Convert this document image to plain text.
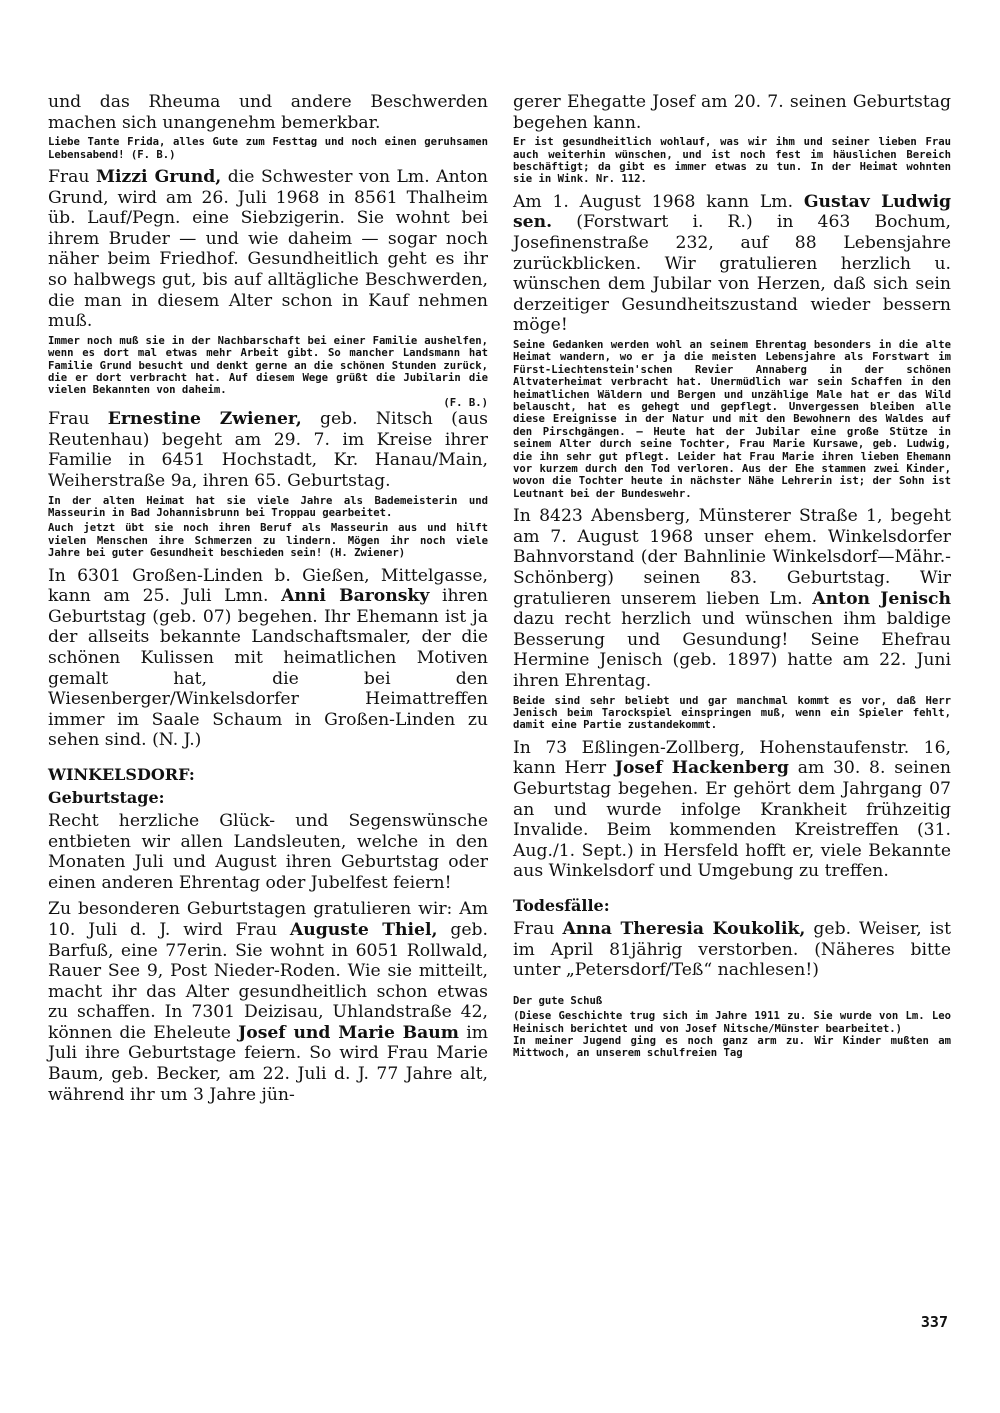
und das Rheuma und andere Beschwerden machen sich unangenehm bemerkbar.

Liebe Tante Frida, alles Gute zum Festtag und noch einen geruhsamen Lebensabend! (F. B.)

Frau Mizzi Grund, die Schwester von Lm. Anton Grund, wird am 26. Juli 1968 in 8561 Thalheim üb. Lauf/Pegn. eine Siebzigerin. Sie wohnt bei ihrem Bruder — und wie daheim — sogar noch näher beim Friedhof. Gesundheitlich geht es ihr so halbwegs gut, bis auf alltägliche Beschwerden, die man in diesem Alter schon in Kauf nehmen muß.

Immer noch muß sie in der Nachbarschaft bei einer Familie aushelfen, wenn es dort mal etwas mehr Arbeit gibt. So mancher Landsmann hat Familie Grund besucht und denkt gerne an die schönen Stunden zurück, die er dort verbracht hat. Auf diesem Wege grüßt die Jubilarin die vielen Bekannten von daheim.

(F. B.)

Frau Ernestine Zwiener, geb. Nitsch (aus Reutenhau) begeht am 29. 7. im Kreise ihrer Familie in 6451 Hochstadt, Kr. Hanau/Main, Weiherstraße 9a, ihren 65. Geburtstag.

In der alten Heimat hat sie viele Jahre als Bademeisterin und Masseurin in Bad Johannisbrunn bei Troppau gearbeitet.

Auch jetzt übt sie noch ihren Beruf als Masseurin aus und hilft vielen Menschen ihre Schmerzen zu lindern. Mögen ihr noch viele Jahre bei guter Gesundheit beschieden sein! (H. Zwiener)

In 6301 Großen-Linden b. Gießen, Mittelgasse, kann am 25. Juli Lmn. Anni Baronsky ihren Geburtstag (geb. 07) begehen. Ihr Ehemann ist ja der allseits bekannte Landschaftsmaler, der die schönen Kulissen mit heimatlichen Motiven gemalt hat, die bei den Wiesenberger/Winkelsdorfer Heimattreffen immer im Saale Schaum in Großen-Linden zu sehen sind. (N. J.)

WINKELSDORF:
Geburtstage:

Recht herzliche Glück- und Segenswünsche entbieten wir allen Landsleuten, welche in den Monaten Juli und August ihren Geburtstag oder einen anderen Ehrentag oder Jubelfest feiern!

Zu besonderen Geburtstagen gratulieren wir: Am 10. Juli d. J. wird Frau Auguste Thiel, geb. Barfuß, eine 77erin. Sie wohnt in 6051 Rollwald, Rauer See 9, Post Nieder-Roden. Wie sie mitteilt, macht ihr das Alter gesundheitlich schon etwas zu schaffen. In 7301 Deizisau, Uhlandstraße 42, können die Eheleute Josef und Marie Baum im Juli ihre Geburtstage feiern. So wird Frau Marie Baum, geb. Becker, am 22. Juli d. J. 77 Jahre alt, während ihr um 3 Jahre jün-

gerer Ehegatte Josef am 20. 7. seinen Geburtstag begehen kann.

Er ist gesundheitlich wohlauf, was wir ihm und seiner lieben Frau auch weiterhin wünschen, und ist noch fest im häuslichen Bereich beschäftigt; da gibt es immer etwas zu tun. In der Heimat wohnten sie in Wink. Nr. 112.

Am 1. August 1968 kann Lm. Gustav Ludwig sen. (Forstwart i. R.) in 463 Bochum, Josefinenstraße 232, auf 88 Lebensjahre zurückblicken. Wir gratulieren herzlich u. wünschen dem Jubilar von Herzen, daß sich sein derzeitiger Gesundheitszustand wieder bessern möge!

Seine Gedanken werden wohl an seinem Ehrentag besonders in die alte Heimat wandern, wo er ja die meisten Lebensjahre als Forstwart im Fürst-Liechtenstein'schen Revier Annaberg in der schönen Altvaterheimat verbracht hat. Unermüdlich war sein Schaffen in den heimatlichen Wäldern und Bergen und unzählige Male hat er das Wild belauscht, hat es gehegt und gepflegt. Unvergessen bleiben alle diese Ereignisse in der Natur und mit den Bewohnern des Waldes auf den Pirschgängen. — Heute hat der Jubilar eine große Stütze in seinem Alter durch seine Tochter, Frau Marie Kursawe, geb. Ludwig, die ihn sehr gut pflegt. Leider hat Frau Marie ihren lieben Ehemann vor kurzem durch den Tod verloren. Aus der Ehe stammen zwei Kinder, wovon die Tochter heute in nächster Nähe Lehrerin ist; der Sohn ist Leutnant bei der Bundeswehr.

In 8423 Abensberg, Münsterer Straße 1, begeht am 7. August 1968 unser ehem. Winkelsdorfer Bahnvorstand (der Bahnlinie Winkelsdorf—Mähr.-Schönberg) seinen 83. Geburtstag. Wir gratulieren unserem lieben Lm. Anton Jenisch dazu recht herzlich und wünschen ihm baldige Besserung und Gesundung! Seine Ehefrau Hermine Jenisch (geb. 1897) hatte am 22. Juni ihren Ehrentag.

Beide sind sehr beliebt und gar manchmal kommt es vor, daß Herr Jenisch beim Tarockspiel einspringen muß, wenn ein Spieler fehlt, damit eine Partie zustandekommt.

In 73 Eßlingen-Zollberg, Hohenstaufenstr. 16, kann Herr Josef Hackenberg am 30. 8. seinen Geburtstag begehen. Er gehört dem Jahrgang 07 an und wurde infolge Krankheit frühzeitig Invalide. Beim kommenden Kreistreffen (31. Aug./1. Sept.) in Hersfeld hofft er, viele Bekannte aus Winkelsdorf und Umgebung zu treffen.

Todesfälle:

Frau Anna Theresia Koukolik, geb. Weiser, ist im April 81jährig verstorben. (Näheres bitte unter „Petersdorf/Teß“ nachlesen!)

Der gute Schuß

(Diese Geschichte trug sich im Jahre 1911 zu. Sie wurde von Lm. Leo Heinisch berichtet und von Josef Nitsche/Münster bearbeitet.)

In meiner Jugend ging es noch ganz arm zu. Wir Kinder mußten am Mittwoch, an unserem schulfreien Tag

337
